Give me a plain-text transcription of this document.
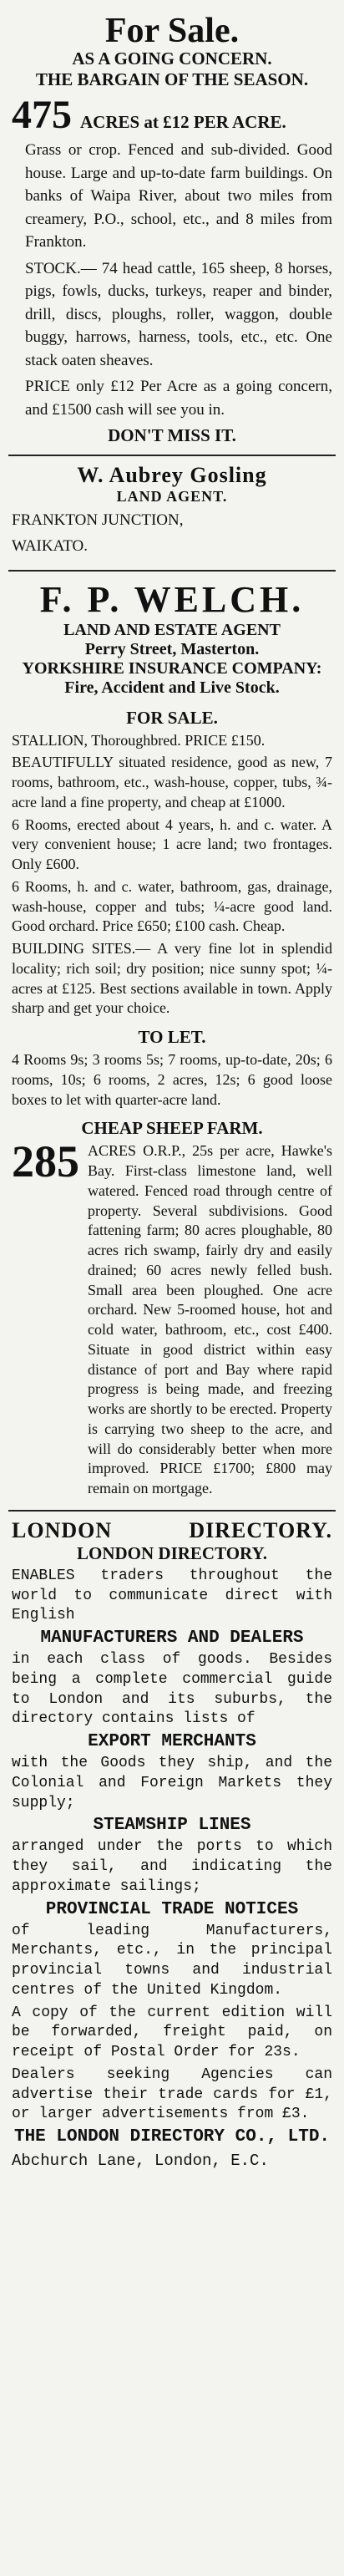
For Sale.
AS A GOING CONCERN.
THE BARGAIN OF THE SEASON.
475 ACRES at £12 PER ACRE.
Grass or crop. Fenced and sub-divided. Good house. Large and up-to-date farm buildings. On banks of Waipa River, about two miles from creamery, P.O., school, etc., and 8 miles from Frankton.
STOCK.— 74 head cattle, 165 sheep, 8 horses, pigs, fowls, ducks, turkeys, reaper and binder, drill, discs, ploughs, roller, waggon, double buggy, harrows, harness, tools, etc., etc. One stack oaten sheaves.
PRICE only £12 Per Acre as a going concern, and £1500 cash will see you in.
DON'T MISS IT.
W. Aubrey Gosling
LAND AGENT.
FRANKTON JUNCTION,
WAIKATO.
F. P. WELCH.
LAND AND ESTATE AGENT
Perry Street, Masterton.
YORKSHIRE INSURANCE COMPANY:
Fire, Accident and Live Stock.
FOR SALE.
STALLION, Thoroughbred. PRICE £150.
BEAUTIFULLY situated residence, good as new, 7 rooms, bathroom, etc., wash-house, copper, tubs, ¾-acre land a fine property, and cheap at £1000.
6 Rooms, erected about 4 years, h. and c. water. A very convenient house; 1 acre land; two frontages. Only £600.
6 Rooms, h. and c. water, bathroom, gas, drainage, wash-house, copper and tubs; ¼-acre good land. Good orchard. Price £650; £100 cash. Cheap.
BUILDING SITES.— A very fine lot in splendid locality; rich soil; dry position; nice sunny spot; ¼-acres at £125. Best sections available in town. Apply sharp and get your choice.
TO LET.
4 Rooms 9s; 3 rooms 5s; 7 rooms, up-to-date, 20s; 6 rooms, 10s; 6 rooms, 2 acres, 12s; 6 good loose boxes to let with quarter-acre land.
CHEAP SHEEP FARM.
285 ACRES O.R.P., 25s per acre, Hawke's Bay. First-class limestone land, well watered. Fenced road through centre of property. Several subdivisions. Good fattening farm; 80 acres ploughable, 80 acres rich swamp, fairly dry and easily drained; 60 acres newly felled bush. Small area been ploughed. One acre orchard. New 5-roomed house, hot and cold water, bathroom, etc., cost £400. Situate in good district within easy distance of port and Bay where rapid progress is being made, and freezing works are shortly to be erected. Property is carrying two sheep to the acre, and will do considerably better when more improved. PRICE £1700; £800 may remain on mortgage.
LONDON	DIRECTORY.
LONDON DIRECTORY.
ENABLES traders throughout the world to communicate direct with English
MANUFACTURERS AND DEALERS
in each class of goods. Besides being a complete commercial guide to London and its suburbs, the directory contains lists of
EXPORT MERCHANTS
with the Goods they ship, and the Colonial and Foreign Markets they supply;
STEAMSHIP LINES
arranged under the ports to which they sail, and indicating the approximate sailings;
PROVINCIAL TRADE NOTICES
of leading Manufacturers, Merchants, etc., in the principal provincial towns and industrial centres of the United Kingdom.
A copy of the current edition will be forwarded, freight paid, on receipt of Postal Order for 23s.
Dealers seeking Agencies can advertise their trade cards for £1, or larger advertisements from £3.
THE LONDON DIRECTORY CO., LTD.
Abchurch Lane, London, E.C.
